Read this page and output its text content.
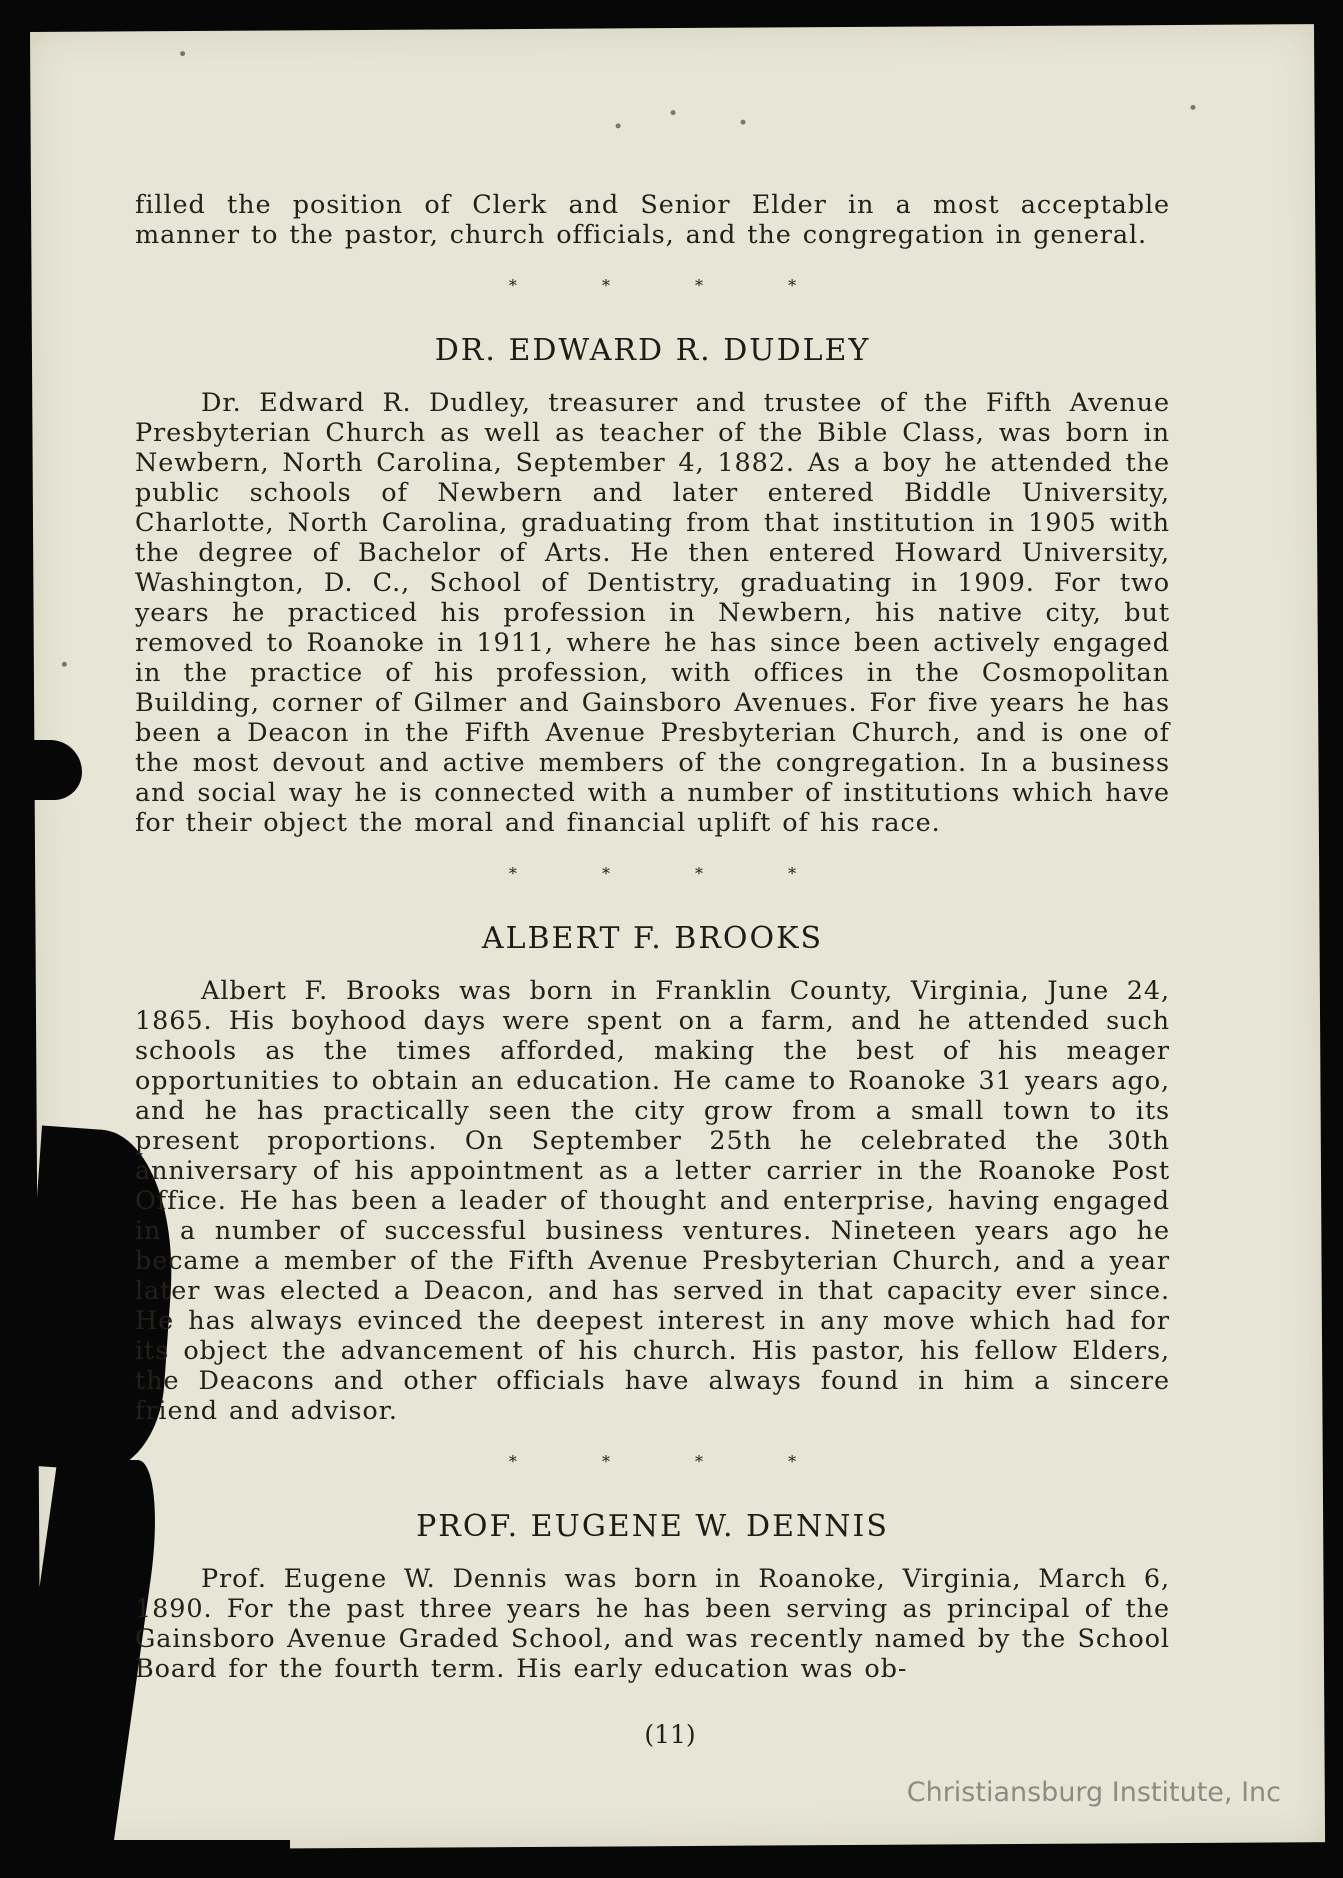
filled the position of Clerk and Senior Elder in a most acceptable manner to the pastor, church officials, and the congregation in general.

* * * *
DR. EDWARD R. DUDLEY

Dr. Edward R. Dudley, treasurer and trustee of the Fifth Avenue Presbyterian Church as well as teacher of the Bible Class, was born in Newbern, North Carolina, September 4, 1882. As a boy he attended the public schools of Newbern and later entered Biddle University, Charlotte, North Carolina, graduating from that institution in 1905 with the degree of Bachelor of Arts. He then entered Howard University, Washington, D. C., School of Dentistry, graduating in 1909. For two years he practiced his profession in Newbern, his native city, but removed to Roanoke in 1911, where he has since been actively engaged in the practice of his profession, with offices in the Cosmopolitan Building, corner of Gilmer and Gainsboro Avenues. For five years he has been a Deacon in the Fifth Avenue Presbyterian Church, and is one of the most devout and active members of the congregation. In a business and social way he is connected with a number of institutions which have for their object the moral and financial uplift of his race.

* * * *
ALBERT F. BROOKS

Albert F. Brooks was born in Franklin County, Virginia, June 24, 1865. His boyhood days were spent on a farm, and he attended such schools as the times afforded, making the best of his meager opportunities to obtain an education. He came to Roanoke 31 years ago, and he has practically seen the city grow from a small town to its present proportions. On September 25th he celebrated the 30th anniversary of his appointment as a letter carrier in the Roanoke Post Office. He has been a leader of thought and enterprise, having engaged in a number of successful business ventures. Nineteen years ago he became a member of the Fifth Avenue Presbyterian Church, and a year later was elected a Deacon, and has served in that capacity ever since. He has always evinced the deepest interest in any move which had for its object the advancement of his church. His pastor, his fellow Elders, the Deacons and other officials have always found in him a sincere friend and advisor.

* * * *
PROF. EUGENE W. DENNIS

Prof. Eugene W. Dennis was born in Roanoke, Virginia, March 6, 1890. For the past three years he has been serving as principal of the Gainsboro Avenue Graded School, and was recently named by the School Board for the fourth term. His early education was ob-

(11)
Christiansburg Institute, Inc
